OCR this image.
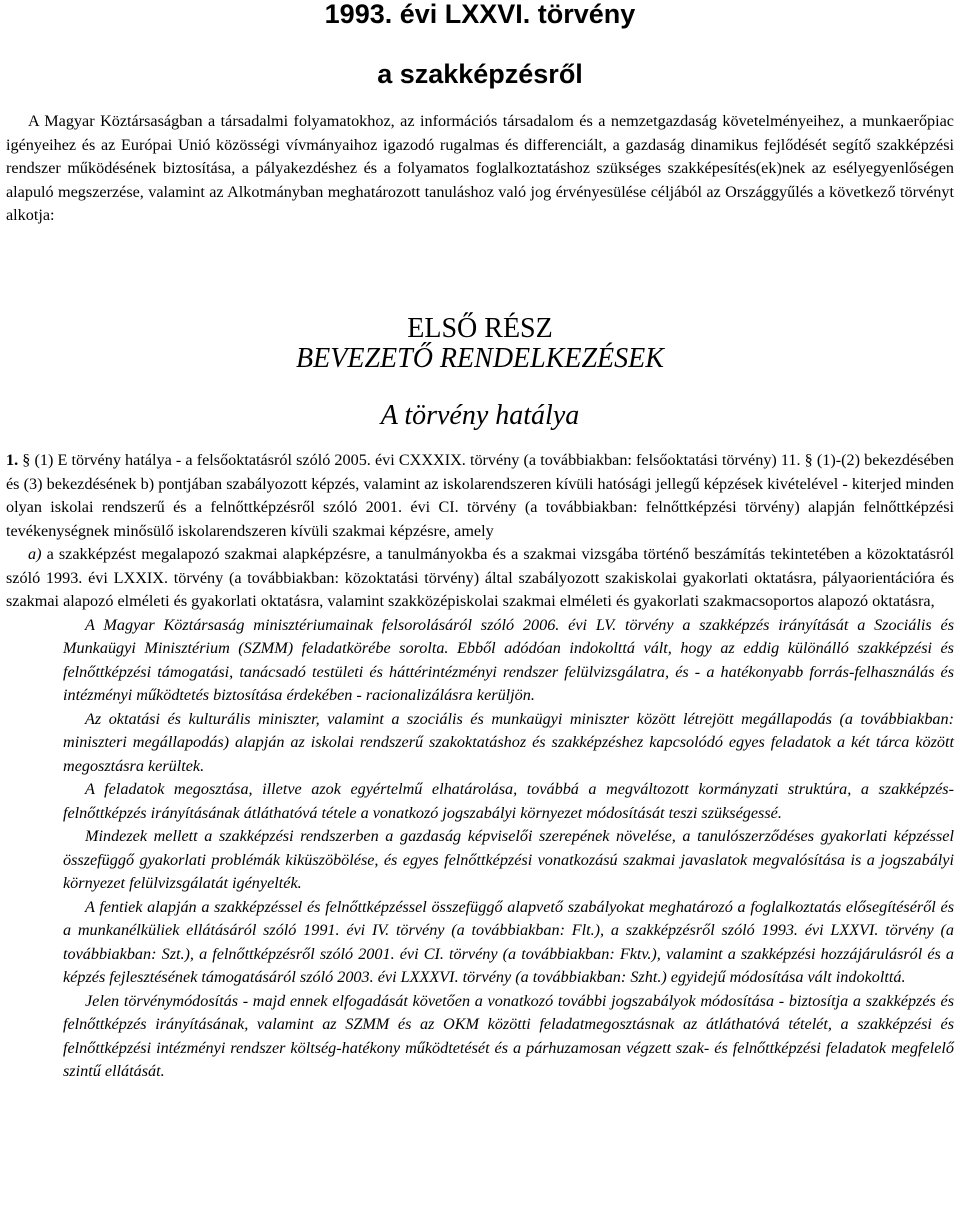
1993. évi LXXVI. törvény
a szakképzésről

A Magyar Köztársaságban a társadalmi folyamatokhoz, az információs társadalom és a nemzetgazdaság követelményeihez, a munkaerőpiac igényeihez és az Európai Unió közösségi vívmányaihoz igazodó rugalmas és differenciált, a gazdaság dinamikus fejlődését segítő szakképzési rendszer működésének biztosítása, a pályakezdéshez és a folyamatos foglalkoztatáshoz szükséges szakképesítés(ek)nek az esélyegyenlőségen alapuló megszerzése, valamint az Alkotmányban meghatározott tanuláshoz való jog érvényesülése céljából az Országgyűlés a következő törvényt alkotja:

ELSŐ RÉSZ
BEVEZETŐ RENDELKEZÉSEK
A törvény hatálya

1. § (1) E törvény hatálya - a felsőoktatásról szóló 2005. évi CXXXIX. törvény (a továbbiakban: felsőoktatási törvény) 11. § (1)-(2) bekezdésében és (3) bekezdésének b) pontjában szabályozott képzés, valamint az iskolarendszeren kívüli hatósági jellegű képzések kivételével - kiterjed minden olyan iskolai rendszerű és a felnőttképzésről szóló 2001. évi CI. törvény (a továbbiakban: felnőttképzési törvény) alapján felnőttképzési tevékenységnek minősülő iskolarendszeren kívüli szakmai képzésre, amely

a) a szakképzést megalapozó szakmai alapképzésre, a tanulmányokba és a szakmai vizsgába történő beszámítás tekintetében a közoktatásról szóló 1993. évi LXXIX. törvény (a továbbiakban: közoktatási törvény) által szabályozott szakiskolai gyakorlati oktatásra, pályaorientációra és szakmai alapozó elméleti és gyakorlati oktatásra, valamint szakközépiskolai szakmai elméleti és gyakorlati szakmacsoportos alapozó oktatásra,

A Magyar Köztársaság minisztériumainak felsorolásáról szóló 2006. évi LV. törvény a szakképzés irányítását a Szociális és Munkaügyi Minisztérium (SZMM) feladatkörébe sorolta. Ebből adódóan indokolttá vált, hogy az eddig különálló szakképzési és felnőttképzési támogatási, tanácsadó testületi és háttérintézményi rendszer felülvizsgálatra, és - a hatékonyabb forrás-felhasználás és intézményi működtetés biztosítása érdekében - racionalizálásra kerüljön.

Az oktatási és kulturális miniszter, valamint a szociális és munkaügyi miniszter között létrejött megállapodás (a továbbiakban: miniszteri megállapodás) alapján az iskolai rendszerű szakoktatáshoz és szakképzéshez kapcsolódó egyes feladatok a két tárca között megosztásra kerültek.

A feladatok megosztása, illetve azok egyértelmű elhatárolása, továbbá a megváltozott kormányzati struktúra, a szakképzés-felnőttképzés irányításának átláthatóvá tétele a vonatkozó jogszabályi környezet módosítását teszi szükségessé.

Mindezek mellett a szakképzési rendszerben a gazdaság képviselői szerepének növelése, a tanulószerződéses gyakorlati képzéssel összefüggő gyakorlati problémák kiküszöbölése, és egyes felnőttképzési vonatkozású szakmai javaslatok megvalósítása is a jogszabályi környezet felülvizsgálatát igényelték.

A fentiek alapján a szakképzéssel és felnőttképzéssel összefüggő alapvető szabályokat meghatározó a foglalkoztatás elősegítéséről és a munkanélküliek ellátásáról szóló 1991. évi IV. törvény (a továbbiakban: Flt.), a szakképzésről szóló 1993. évi LXXVI. törvény (a továbbiakban: Szt.), a felnőttképzésről szóló 2001. évi CI. törvény (a továbbiakban: Fktv.), valamint a szakképzési hozzájárulásról és a képzés fejlesztésének támogatásáról szóló 2003. évi LXXXVI. törvény (a továbbiakban: Szht.) egyidejű módosítása vált indokolttá.

Jelen törvénymódosítás - majd ennek elfogadását követően a vonatkozó további jogszabályok módosítása - biztosítja a szakképzés és felnőttképzés irányításának, valamint az SZMM és az OKM közötti feladatmegosztásnak az átláthatóvá tételét, a szakképzési és felnőttképzési intézményi rendszer költség-hatékony működtetését és a párhuzamosan végzett szak- és felnőttképzési feladatok megfelelő szintű ellátását.
